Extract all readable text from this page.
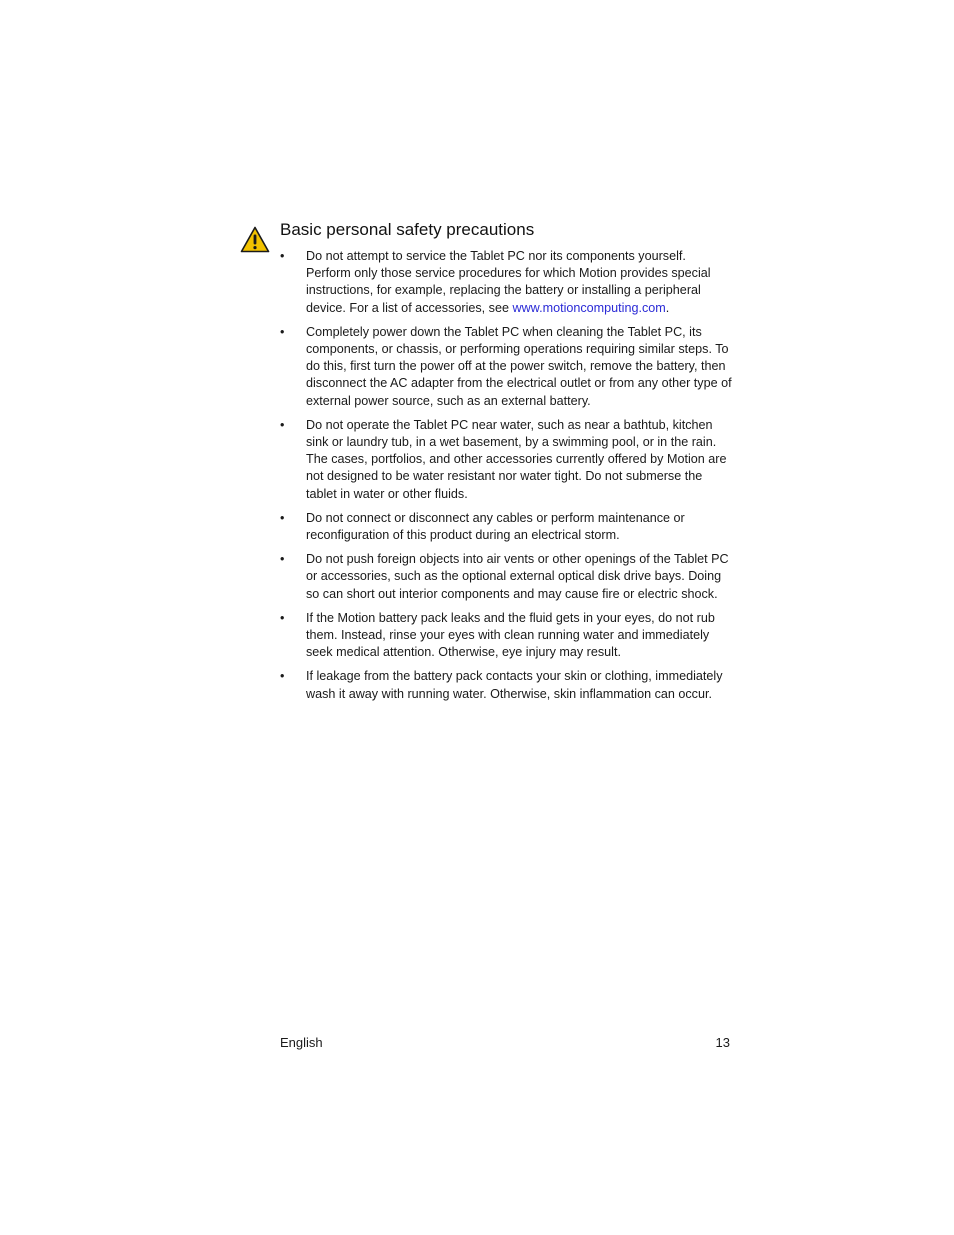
Basic personal safety precautions
•	Do not attempt to service the Tablet PC nor its components yourself. Perform only those service procedures for which Motion provides special instructions, for example, replacing the battery or installing a peripheral device. For a list of accessories, see www.motioncomputing.com.
•	Completely power down the Tablet PC when cleaning the Tablet PC, its components, or chassis, or performing operations requiring similar steps. To do this, first turn the power off at the power switch, remove the battery, then disconnect the AC adapter from the electrical outlet or from any other type of external power source, such as an external battery.
•	Do not operate the Tablet PC near water, such as near a bathtub, kitchen sink or laundry tub, in a wet basement, by a swimming pool, or in the rain. The cases, portfolios, and other accessories currently offered by Motion are not designed to be water resistant nor water tight. Do not submerse the tablet in water or other fluids.
•	Do not connect or disconnect any cables or perform maintenance or reconfiguration of this product during an electrical storm.
•	Do not push foreign objects into air vents or other openings of the Tablet PC or accessories, such as the optional external optical disk drive bays. Doing so can short out interior components and may cause fire or electric shock.
•	If the Motion battery pack leaks and the fluid gets in your eyes, do not rub them. Instead, rinse your eyes with clean running water and immediately seek medical attention. Otherwise, eye injury may result.
•	If leakage from the battery pack contacts your skin or clothing, immediately wash it away with running water. Otherwise, skin inflammation can occur.
English	13
